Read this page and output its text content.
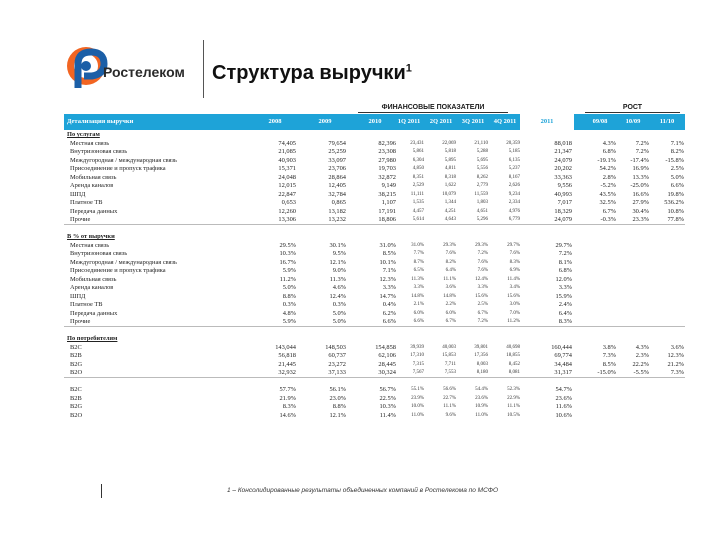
Ростелеком Структура выручки$^1$
ФИНАНСОВЫЕ ПОКАЗАТЕЛИ	РОСТ
Детализация выручки	2008	2009	2010	1Q 2011	2Q 2011	3Q 2011	4Q 2011	2011	09/08	10/09	11/10
По услугам
Местная связь	74,405	79,654	82,396	23,431	22,069	21,110	20,359	88,018	4.3%	7.2%	7.1%
Внутризоновая связь	21,085	25,259	23,308	5,861	5,818	5,288	5,185	21,347	6.8%	7.2%	8.2%
Междугородная / международная связь	40,903	33,097	27,980	6,304	5,895	5,695	6,135	24,079	-19.1%	-17.4%	-15.8%
Присоединение и пропуск трафика	15,371	23,706	19,703	4,850	4,811	5,556	5,237	20,202	54.2%	16.9%	2.5%
Мобильная связь	24,048	28,864	32,872	8,351	8,318	8,262	8,167	33,363	2.8%	13.3%	5.0%
Аренда каналов	12,015	12,405	9,149	2,529	1,622	2,779	2,626	9,556	-5.2%	-25.0%	6.6%
ШПД	22,847	32,784	38,215	11,111	10,079	11,559	9,234	40,993	43.5%	16.6%	19.8%
Платное ТВ	0,653	0,865	1,107	1,535	1,344	1,803	2,334	7,017	32.5%	27.9%	536.2%
Передача данных	12,260	13,182	17,191	4,457	4,251	4,651	4,976	18,329	6.7%	30.4%	10.8%
Прочие	13,306	13,232	18,806	5,614	4,643	5,296	6,779	24,079	-0.3%	23.3%	77.8%
В % от выручки
Местная связь	29.5%	30.1%	31.0%	31.0%	29.3%	29.3%	29.7%	29.7%
Внутризоновая связь	10.3%	9.5%	8.5%	7.7%	7.6%	7.2%	7.6%	7.2%
Междугородная / международная связь	16.7%	12.1%	10.1%	8.7%	8.2%	7.6%	8.3%	8.1%
Присоединение и пропуск трафика	5.9%	9.0%	7.1%	6.5%	6.4%	7.6%	6.9%	6.8%
Мобильная связь	11.2%	11.3%	12.3%	11.3%	11.1%	12.4%	11.4%	12.0%
Аренда каналов	5.0%	4.6%	3.3%	3.3%	3.6%	3.3%	3.4%	3.3%
ШПД	8.8%	12.4%	14.7%	14.8%	14.8%	15.6%	15.6%	15.9%
Платное ТВ	0.3%	0.3%	0.4%	2.1%	2.2%	2.5%	3.0%	2.4%
Передача данных	4.8%	5.0%	6.2%	6.0%	6.0%	6.7%	7.0%	6.4%
Прочие	5.9%	5.0%	6.6%	6.6%	6.7%	7.2%	11.2%	8.3%
По потребителям
B2C	143,044	148,503	154,858	39,939	40,003	39,801	40,698	160,444	3.8%	4.3%	3.6%
B2B	56,818	60,737	62,106	17,310	15,853	17,356	18,855	69,774	7.3%	2.3%	12.3%
B2G	21,445	23,272	28,445	7,315	7,711	8,003	8,452	34,484	8.5%	22.2%	21.2%
B2O	32,932	37,133	30,324	7,567	7,553	8,180	8,081	31,317	-15.0%	-5.5%	7.3%
B2C	57.7%	56.1%	56.7%	55.1%	56.6%	54.4%	52.3%	54.7%
B2B	21.9%	23.0%	22.5%	23.9%	22.7%	23.6%	22.9%	23.6%
B2G	8.3%	8.8%	10.3%	10.0%	11.1%	10.9%	11.1%	11.6%
B2O	14.6%	12.1%	11.4%	11.0%	9.6%	11.0%	10.5%	10.6%
1 – Консолидированные результаты объединенных компаний в Ростелекома по МСФО
